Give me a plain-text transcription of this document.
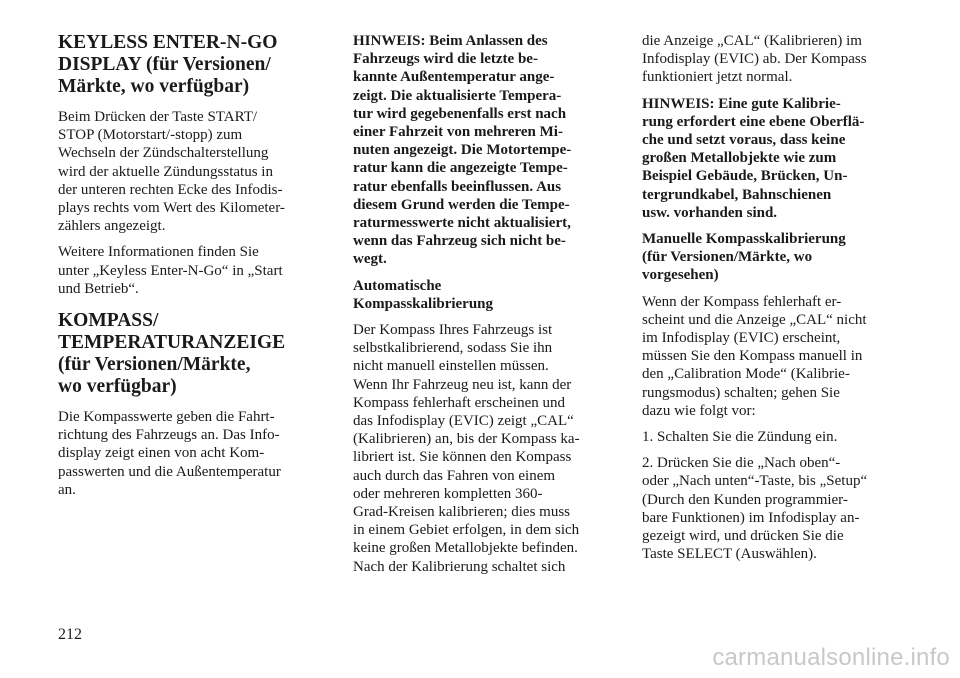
KEYLESS ENTER-N-GO
DISPLAY (für Versionen/
Märkte, wo verfügbar)

Beim Drücken der Taste START/
STOP (Motorstart/-stopp) zum
Wechseln der Zündschalterstellung
wird der aktuelle Zündungsstatus in
der unteren rechten Ecke des Infodis-
plays rechts vom Wert des Kilometer-
zählers angezeigt.

Weitere Informationen finden Sie
unter „Keyless Enter-N-Go“ in „Start
und Betrieb“.

KOMPASS/
TEMPERATURANZEIGE
(für Versionen/Märkte,
wo verfügbar)

Die Kompasswerte geben die Fahrt-
richtung des Fahrzeugs an. Das Info-
display zeigt einen von acht Kom-
passwerten und die Außentemperatur
an.

HINWEIS: Beim Anlassen des
Fahrzeugs wird die letzte be-
kannte Außentemperatur ange-
zeigt. Die aktualisierte Tempera-
tur wird gegebenenfalls erst nach
einer Fahrzeit von mehreren Mi-
nuten angezeigt. Die Motortempe-
ratur kann die angezeigte Tempe-
ratur ebenfalls beeinflussen. Aus
diesem Grund werden die Tempe-
raturmesswerte nicht aktualisiert,
wenn das Fahrzeug sich nicht be-
wegt.

Automatische
Kompasskalibrierung

Der Kompass Ihres Fahrzeugs ist
selbstkalibrierend, sodass Sie ihn
nicht manuell einstellen müssen.
Wenn Ihr Fahrzeug neu ist, kann der
Kompass fehlerhaft erscheinen und
das Infodisplay (EVIC) zeigt „CAL“
(Kalibrieren) an, bis der Kompass ka-
libriert ist. Sie können den Kompass
auch durch das Fahren von einem
oder mehreren kompletten 360-
Grad-Kreisen kalibrieren; dies muss
in einem Gebiet erfolgen, in dem sich
keine großen Metallobjekte befinden.
Nach der Kalibrierung schaltet sich

die Anzeige „CAL“ (Kalibrieren) im
Infodisplay (EVIC) ab. Der Kompass
funktioniert jetzt normal.

HINWEIS: Eine gute Kalibrie-
rung erfordert eine ebene Oberflä-
che und setzt voraus, dass keine
großen Metallobjekte wie zum
Beispiel Gebäude, Brücken, Un-
tergrundkabel, Bahnschienen
usw. vorhanden sind.

Manuelle Kompasskalibrierung
(für Versionen/Märkte, wo
vorgesehen)

Wenn der Kompass fehlerhaft er-
scheint und die Anzeige „CAL“ nicht
im Infodisplay (EVIC) erscheint,
müssen Sie den Kompass manuell in
den „Calibration Mode“ (Kalibrie-
rungsmodus) schalten; gehen Sie
dazu wie folgt vor:

1. Schalten Sie die Zündung ein.

2. Drücken Sie die „Nach oben“-
oder „Nach unten“-Taste, bis „Setup“
(Durch den Kunden programmier-
bare Funktionen) im Infodisplay an-
gezeigt wird, und drücken Sie die
Taste SELECT (Auswählen).

212
carmanualsonline.info
